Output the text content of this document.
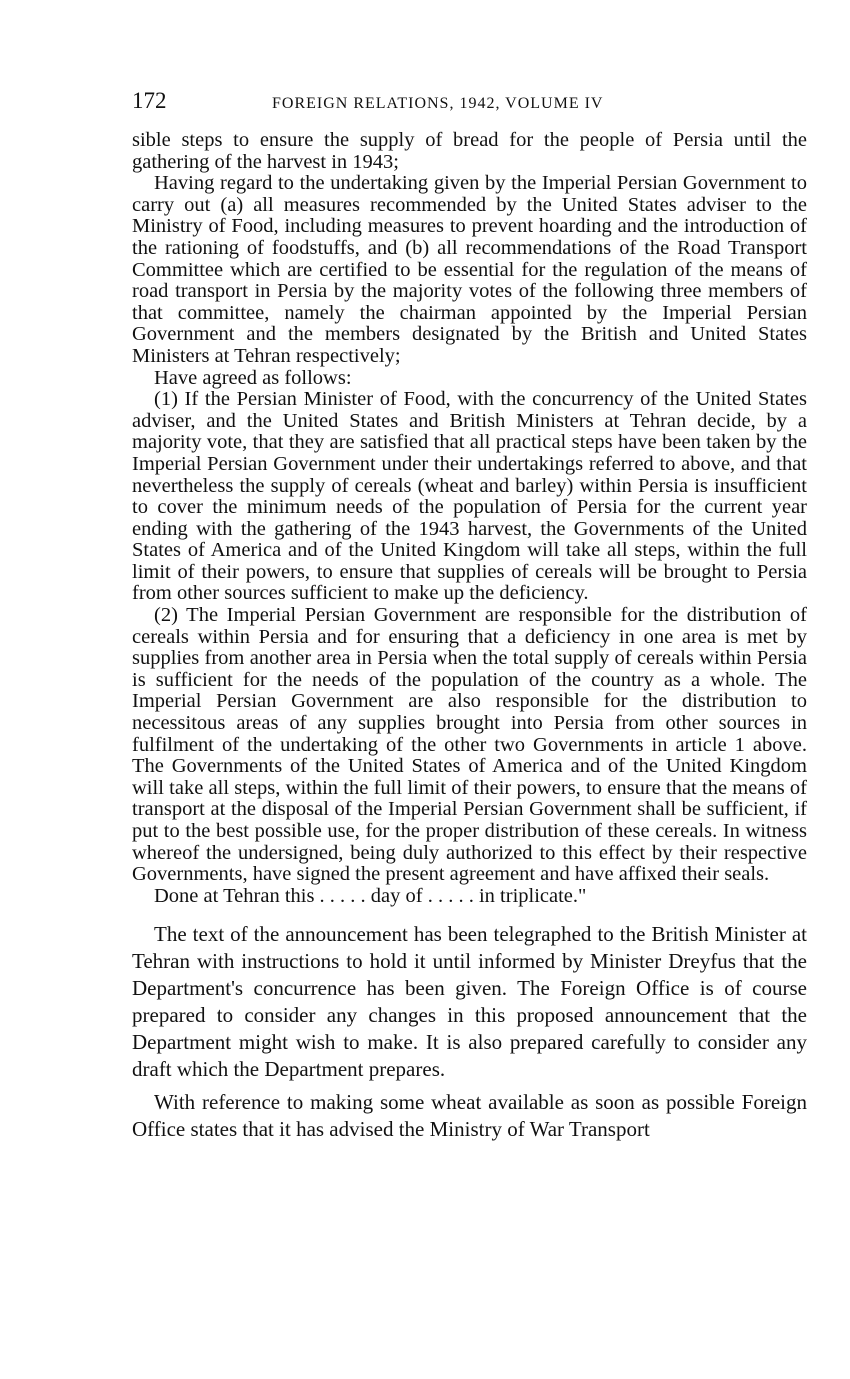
172	FOREIGN RELATIONS, 1942, VOLUME IV

sible steps to ensure the supply of bread for the people of Persia until the gathering of the harvest in 1943;

Having regard to the undertaking given by the Imperial Persian Government to carry out (a) all measures recommended by the United States adviser to the Ministry of Food, including measures to prevent hoarding and the introduction of the rationing of foodstuffs, and (b) all recommendations of the Road Transport Committee which are certified to be essential for the regulation of the means of road transport in Persia by the majority votes of the following three members of that committee, namely the chairman appointed by the Imperial Persian Government and the members designated by the British and United States Ministers at Tehran respectively;

Have agreed as follows:

(1) If the Persian Minister of Food, with the concurrency of the United States adviser, and the United States and British Ministers at Tehran decide, by a majority vote, that they are satisfied that all practical steps have been taken by the Imperial Persian Government under their undertakings referred to above, and that nevertheless the supply of cereals (wheat and barley) within Persia is insufficient to cover the minimum needs of the population of Persia for the current year ending with the gathering of the 1943 harvest, the Governments of the United States of America and of the United Kingdom will take all steps, within the full limit of their powers, to ensure that supplies of cereals will be brought to Persia from other sources sufficient to make up the deficiency.

(2) The Imperial Persian Government are responsible for the distribution of cereals within Persia and for ensuring that a deficiency in one area is met by supplies from another area in Persia when the total supply of cereals within Persia is sufficient for the needs of the population of the country as a whole. The Imperial Persian Government are also responsible for the distribution to necessitous areas of any supplies brought into Persia from other sources in fulfilment of the undertaking of the other two Governments in article 1 above. The Governments of the United States of America and of the United Kingdom will take all steps, within the full limit of their powers, to ensure that the means of transport at the disposal of the Imperial Persian Government shall be sufficient, if put to the best possible use, for the proper distribution of these cereals. In witness whereof the undersigned, being duly authorized to this effect by their respective Governments, have signed the present agreement and have affixed their seals.

Done at Tehran this . . . . . day of . . . . . in triplicate."

The text of the announcement has been telegraphed to the British Minister at Tehran with instructions to hold it until informed by Minister Dreyfus that the Department's concurrence has been given. The Foreign Office is of course prepared to consider any changes in this proposed announcement that the Department might wish to make. It is also prepared carefully to consider any draft which the Department prepares.

With reference to making some wheat available as soon as possible Foreign Office states that it has advised the Ministry of War Transport
